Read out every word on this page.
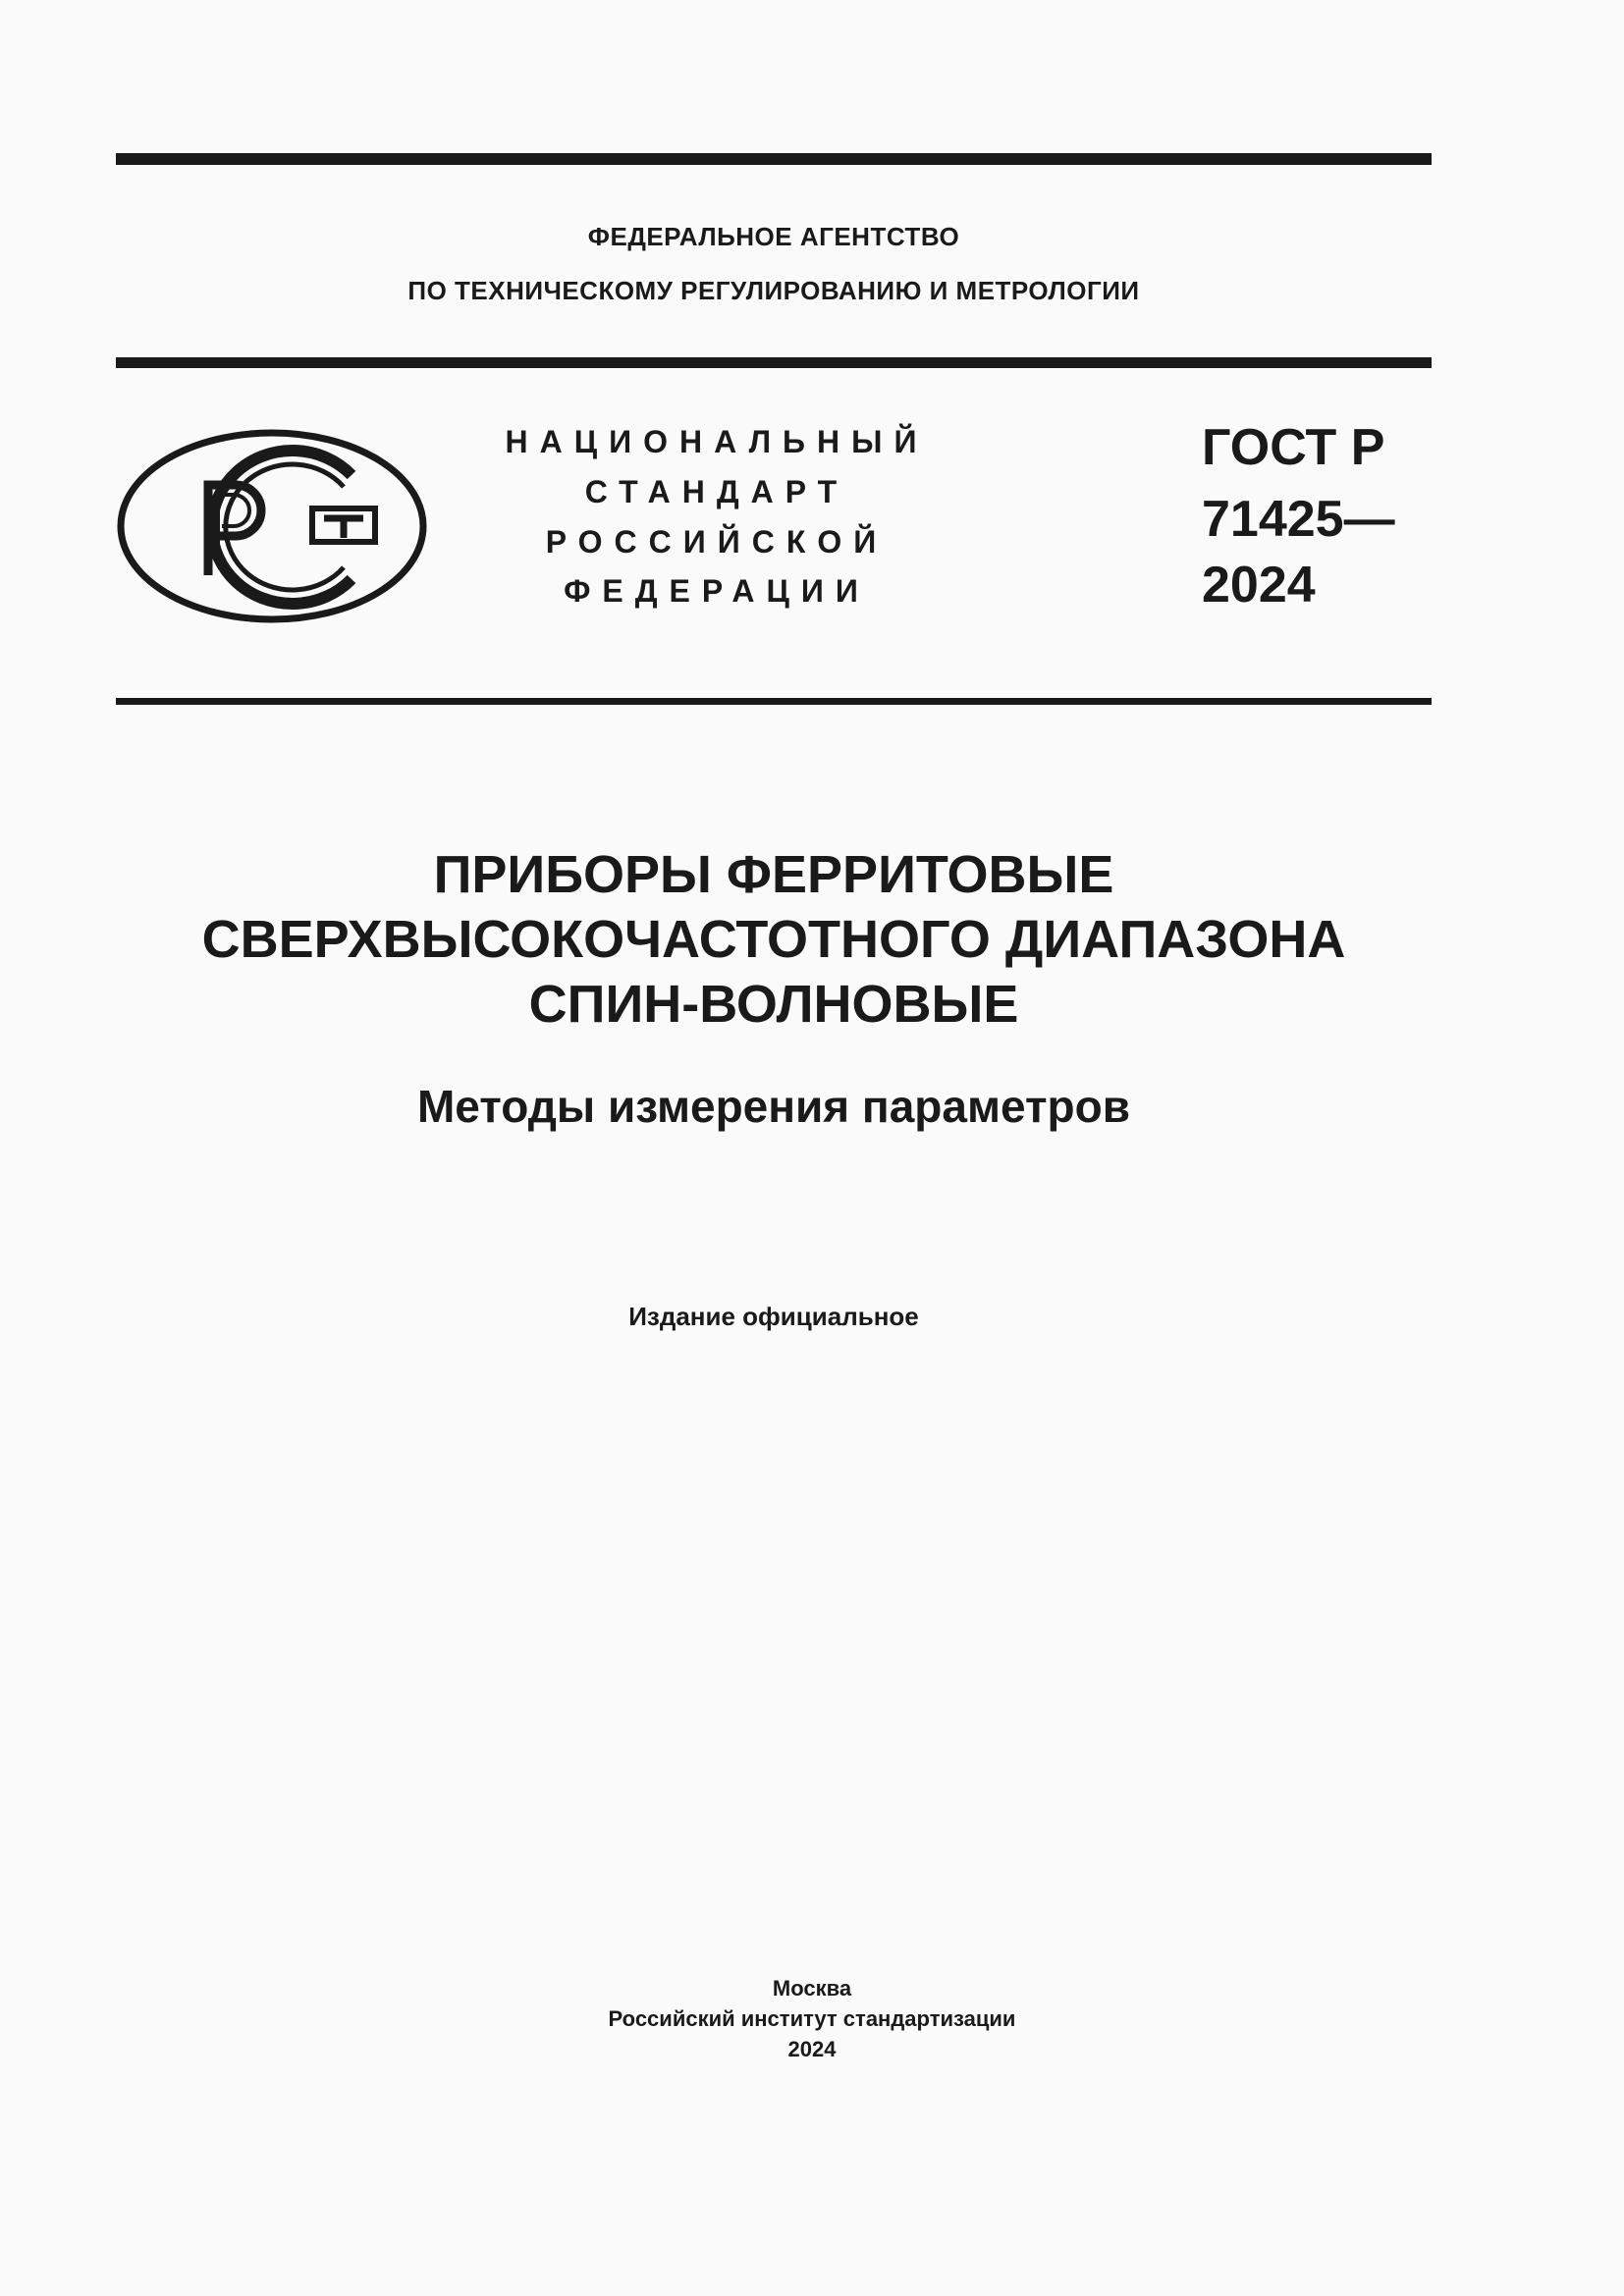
ФЕДЕРАЛЬНОЕ АГЕНТСТВО
ПО ТЕХНИЧЕСКОМУ РЕГУЛИРОВАНИЮ И МЕТРОЛОГИИ
НАЦИОНАЛЬНЫЙ
СТАНДАРТ
РОССИЙСКОЙ
ФЕДЕРАЦИИ
ГОСТ Р
71425—
2024
ПРИБОРЫ ФЕРРИТОВЫЕ
СВЕРХВЫСОКОЧАСТОТНОГО ДИАПАЗОНА
СПИН-ВОЛНОВЫЕ
Методы измерения параметров
Издание официальное
Москва
Российский институт стандартизации
2024
